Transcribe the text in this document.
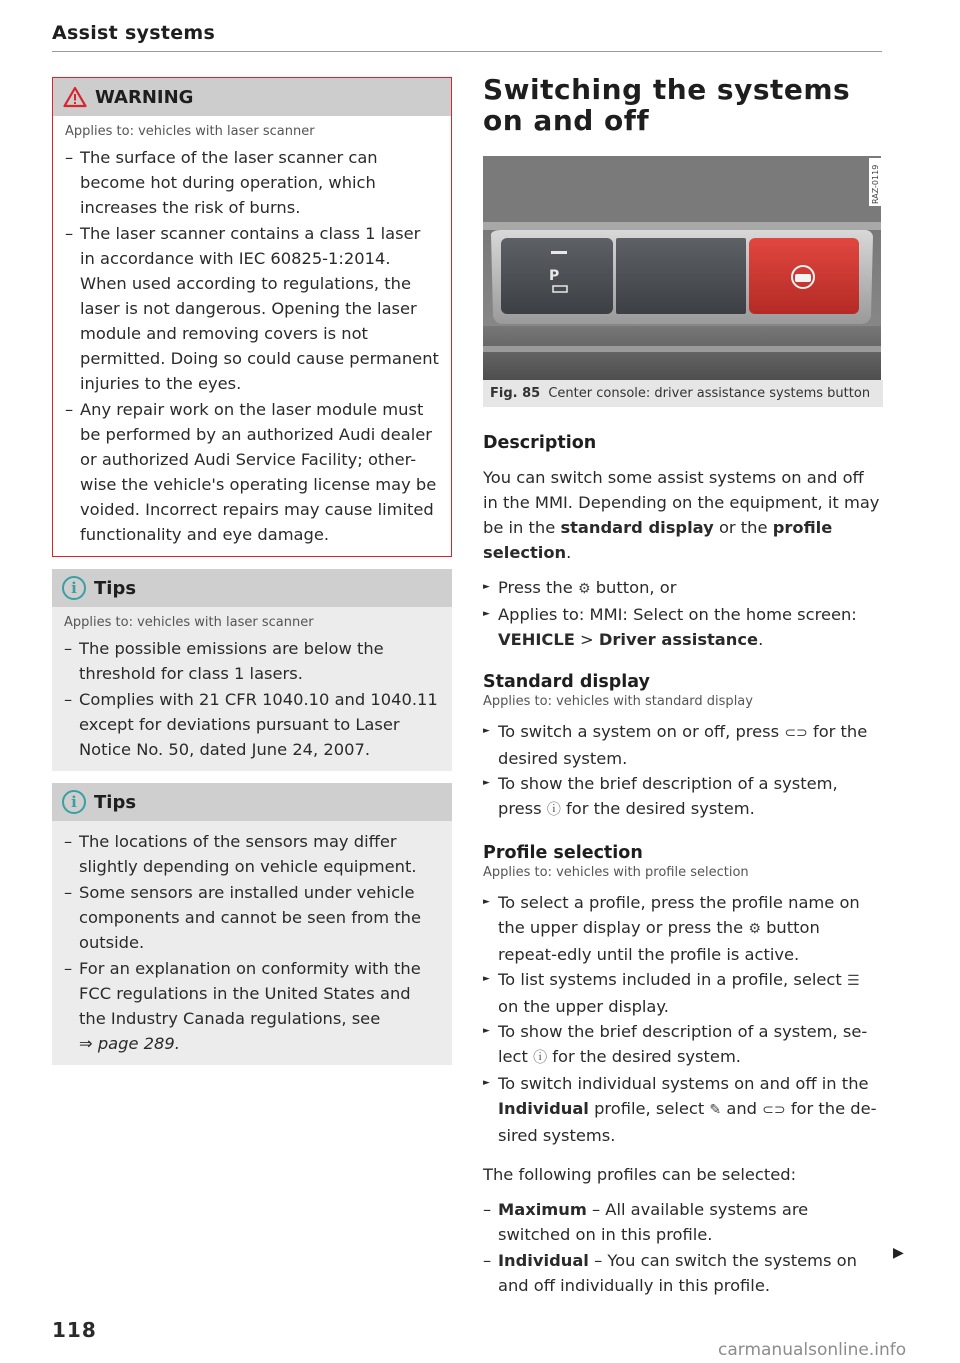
Assist systems
WARNING
Applies to: vehicles with laser scanner
– The surface of the laser scanner can become hot during operation, which increases the risk of burns.
– The laser scanner contains a class 1 laser in accordance with IEC 60825-1:2014. When used according to regulations, the laser is not dangerous. Opening the laser module and removing covers is not permitted. Doing so could cause permanent injuries to the eyes.
– Any repair work on the laser module must be performed by an authorized Audi dealer or authorized Audi Service Facility; other-wise the vehicle's operating license may be voided. Incorrect repairs may cause limited functionality and eye damage.
i Tips
Applies to: vehicles with laser scanner
– The possible emissions are below the threshold for class 1 lasers.
– Complies with 21 CFR 1040.10 and 1040.11 except for deviations pursuant to Laser Notice No. 50, dated June 24, 2007.
i Tips
– The locations of the sensors may differ slightly depending on vehicle equipment.
– Some sensors are installed under vehicle components and cannot be seen from the outside.
– For an explanation on conformity with the FCC regulations in the United States and the Industry Canada regulations, see
⇒ page 289.
Switching the systems on and off
P
RAZ-0119
Fig. 85 Center console: driver assistance systems button
Description

You can switch some assist systems on and off in the MMI. Depending on the equipment, it may be in the standard display or the profile selection.

► Press the ⚙ button, or
► Applies to: MMI: Select on the home screen:
VEHICLE > Driver assistance.
Standard display
Applies to: vehicles with standard display
► To switch a system on or off, press ⊂⊃ for the desired system.
► To show the brief description of a system, press ⓘ for the desired system.
Profile selection
Applies to: vehicles with profile selection
► To select a profile, press the profile name on the upper display or press the ⚙ button repeat-edly until the profile is active.
► To list systems included in a profile, select ☰ on the upper display.
► To show the brief description of a system, se-lect ⓘ for the desired system.
► To switch individual systems on and off in the Individual profile, select ✎ and ⊂⊃ for the de-sired systems.

The following profiles can be selected:

– Maximum – All available systems are switched on in this profile.
– Individual – You can switch the systems on and off individually in this profile.
▶
118
carmanualsonline.info
